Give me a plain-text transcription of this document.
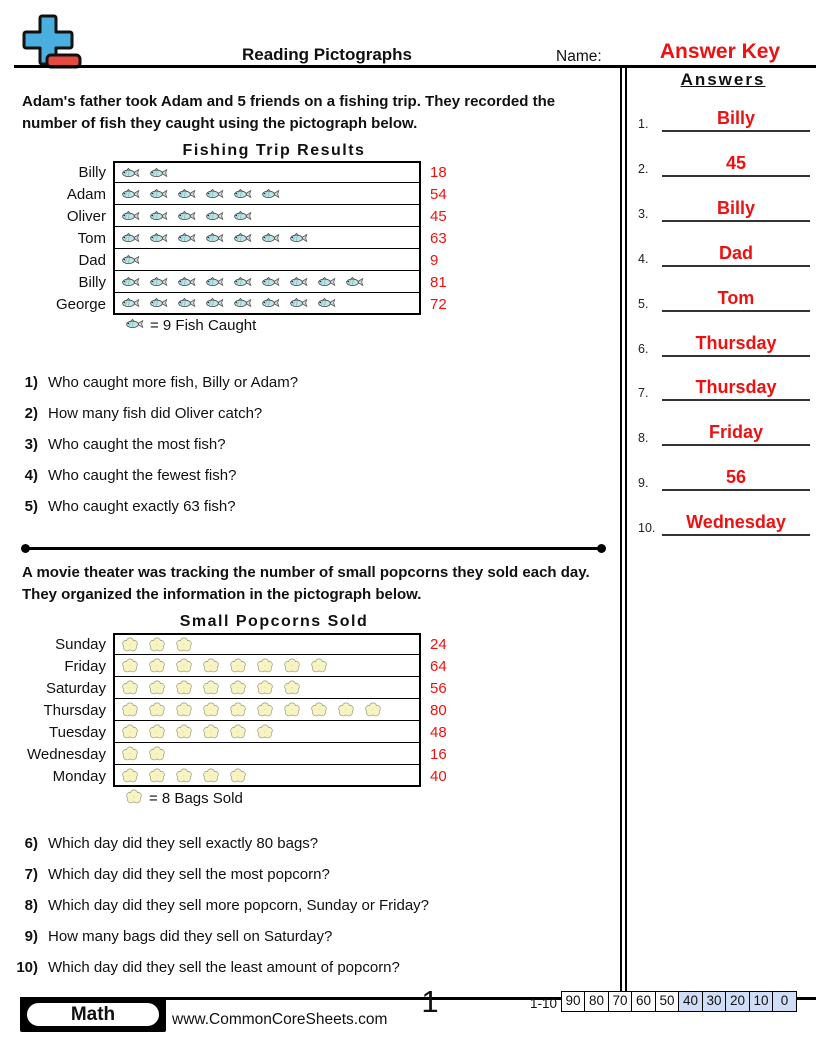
Reading Pictographs	Name:	Answer Key
Answers
1.	Billy
2.	45
3.	Billy
4.	Dad
5.	Tom
6.	Thursday
7.	Thursday
8.	Friday
9.	56
10.	Wednesday
Adam's father took Adam and 5 friends on a fishing trip. They recorded the number of fish they caught using the pictograph below.
Fishing Trip Results
Billy	18
Adam	54
Oliver	45
Tom	63
Dad	9
Billy	81
George	72
= 9 Fish Caught
1) Who caught more fish, Billy or Adam?
2) How many fish did Oliver catch?
3) Who caught the most fish?
4) Who caught the fewest fish?
5) Who caught exactly 63 fish?
A movie theater was tracking the number of small popcorns they sold each day. They organized the information in the pictograph below.
Small Popcorns Sold
Sunday	24
Friday	64
Saturday	56
Thursday	80
Tuesday	48
Wednesday	16
Monday	40
= 8 Bags Sold
6) Which day did they sell exactly 80 bags?
7) Which day did they sell the most popcorn?
8) Which day did they sell more popcorn, Sunday or Friday?
9) How many bags did they sell on Saturday?
10) Which day did they sell the least amount of popcorn?
Math	www.CommonCoreSheets.com
1	1-10 90 80 70 60 50 40 30 20 10 0
